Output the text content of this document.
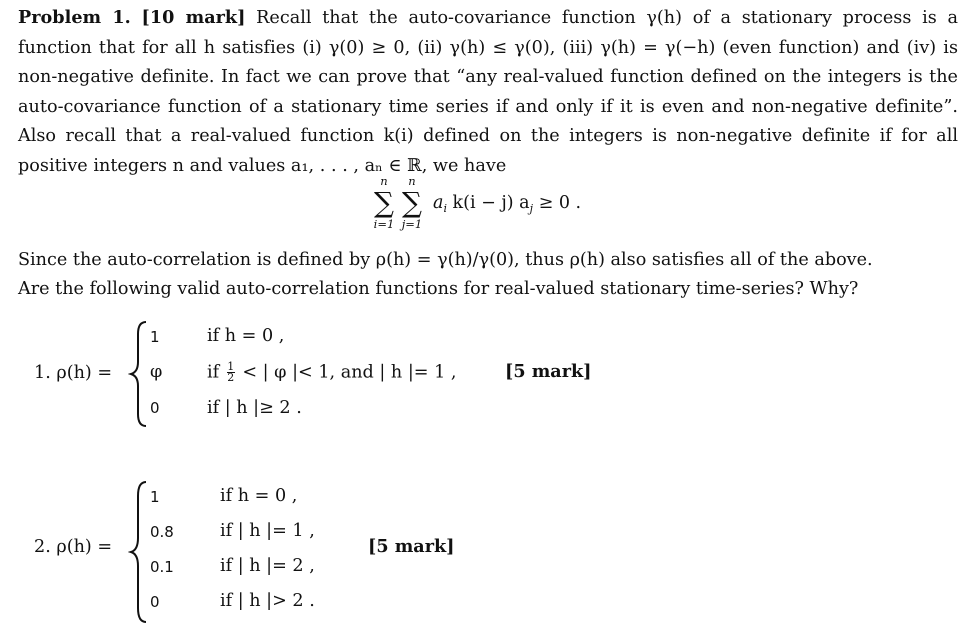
Problem 1. [10 mark] Recall that the auto-covariance function γ(h) of a stationary process is a function that for all h satisfies (i) γ(0) ≥ 0, (ii) γ(h) ≤ γ(0), (iii) γ(h) = γ(−h) (even function) and (iv) is non-negative definite. In fact we can prove that “any real-valued function defined on the integers is the auto-covariance function of a stationary time series if and only if it is even and non-negative definite”. Also recall that a real-valued function k(i) defined on the integers is non-negative definite if for all positive integers n and values a₁, . . . , aₙ ∈ ℝ, we have
n
∑
i=1
n
∑
j=1
$a_i$ k(i − j) $a_j \ge 0$ .
Since the auto-correlation is defined by ρ(h) = γ(h)/γ(0), thus ρ(h) also satisfies all of the above.
Are the following valid auto-correlation functions for real-valued stationary time-series? Why?
1. ρ(h) =
1
φ
0
if h = 0 ,
if $\frac{1}{2}$ < | φ |< 1, and | h |= 1 ,
if | h |≥ 2 .
[5 mark]
2. ρ(h) =
1
0.8
0.1
0
if h = 0 ,
if | h |= 1 ,
if | h |= 2 ,
if | h |> 2 .
[5 mark]
